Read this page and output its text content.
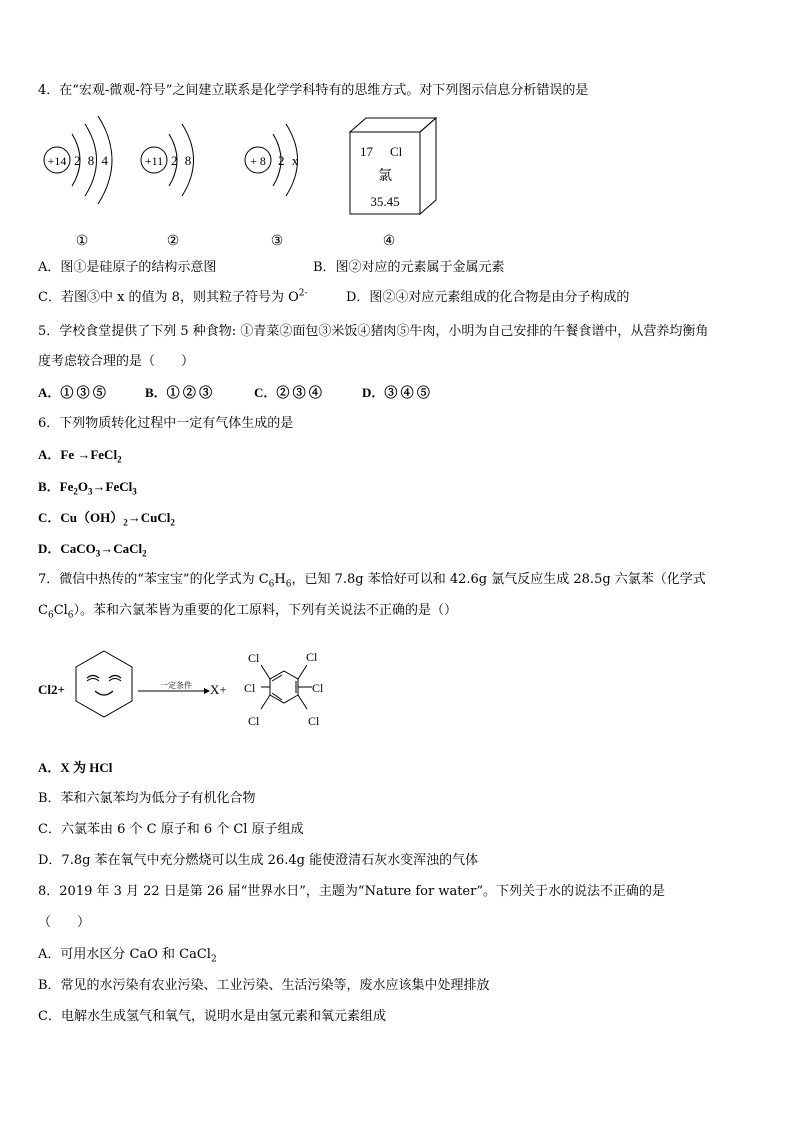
4．在“宏观-微观-符号”之间建立联系是化学学科特有的思维方式。对下列图示信息分析错误的是
+14 2 8 4	+11 2 8	+ 8 2 x
17 Cl
氯
35.45
①	②	③	④
A．图①是硅原子的结构示意图	B．图②对应的元素属于金属元素
C．若图③中 x 的值为 8，则其粒子符号为 $O^{2-}$	D．图②④对应元素组成的化合物是由分子构成的
5．学校食堂提供了下列 5 种食物: ①青菜②面包③米饭④猪肉⑤牛肉，小明为自己安排的午餐食谱中，从营养均衡角
度考虑较合理的是（　　）
A．① ③ ⑤	B．① ② ③	C．② ③ ④	D．③ ④ ⑤
6．下列物质转化过程中一定有气体生成的是
A．Fe →FeCl$_2$
B．$Fe_2O_3\to FeCl_3$
C．$Cu(OH)_2\to CuCl_2$
D．CaCO$_3$→CaCl$_2$
7．微信中热传的“苯宝宝”的化学式为 $C_6H_6$，已知 7.8g 苯恰好可以和 42.6g 氯气反应生成 28.5g 六氯苯（化学式
$C_6Cl_6$）。苯和六氯苯皆为重要的化工原料，下列有关说法不正确的是（）
Cl2+	一定条件 X+
Cl	Cl
Cl	Cl
Cl	Cl
A．X 为 HCl
B．苯和六氯苯均为低分子有机化合物
C．六氯苯由 6 个 C 原子和 6 个 Cl 原子组成
D．7.8g 苯在氧气中充分燃烧可以生成 26.4g 能使澄清石灰水变浑浊的气体
8．2019 年 3 月 22 日是第 26 届“世界水日”，主题为“Nature for water”。下列关于水的说法不正确的是
（　　）
A．可用水区分 CaO 和 CaCl$_2$
B．常见的水污染有农业污染、工业污染、生活污染等，废水应该集中处理排放
C．电解水生成氢气和氧气，说明水是由氢元素和氧元素组成
